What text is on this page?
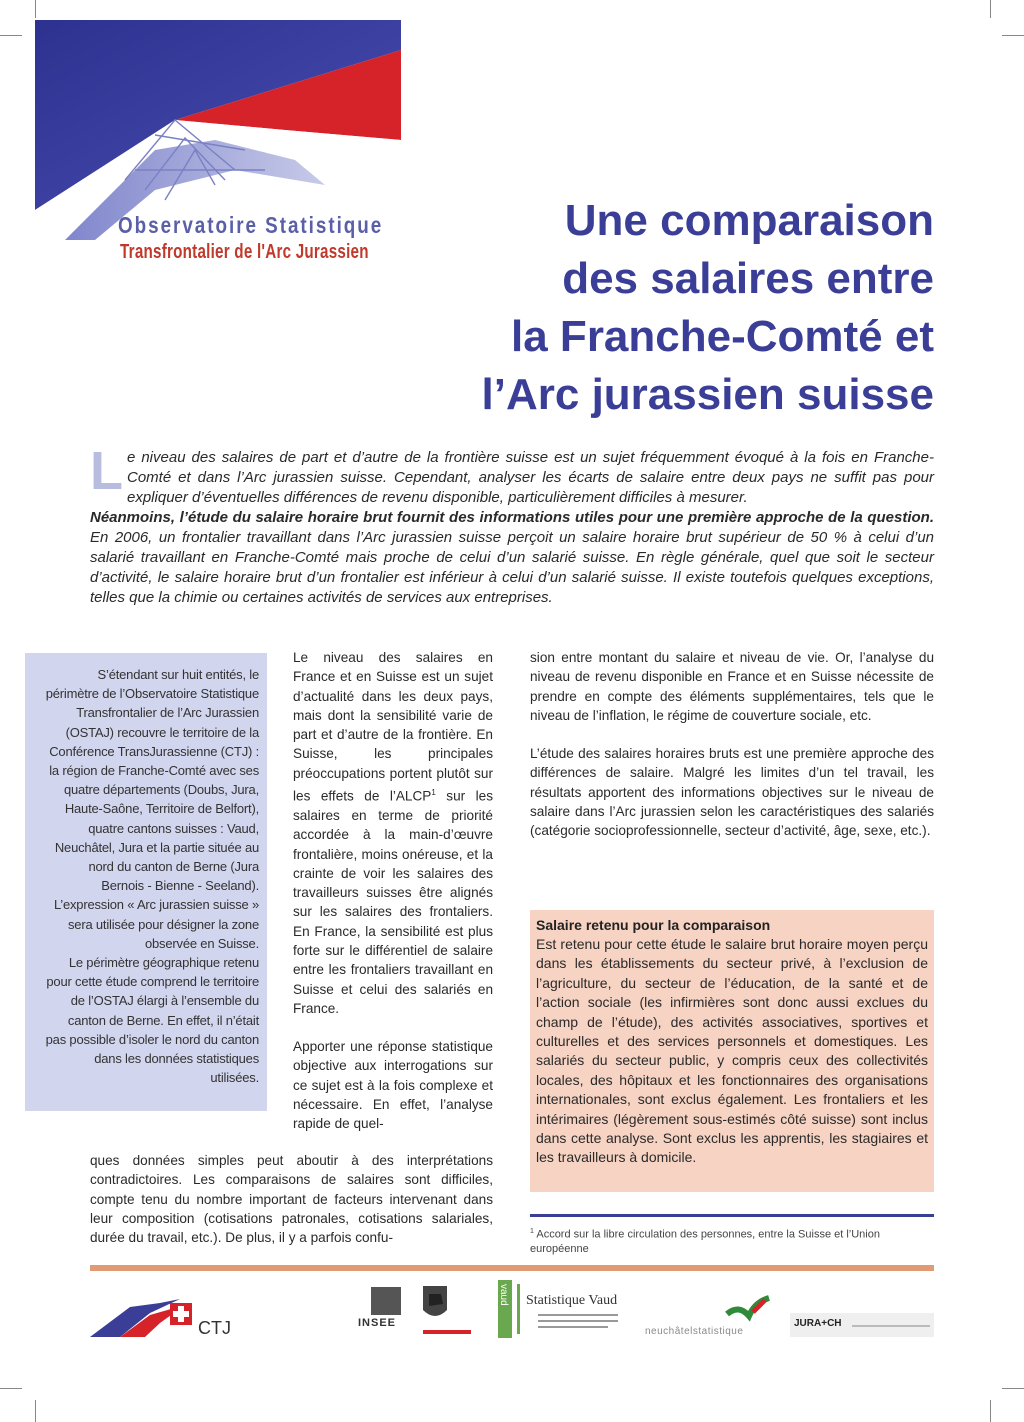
Observatoire Statistique
Transfrontalier de l'Arc Jurassien
Une comparaison
des salaires entre
la Franche-Comté et
l’Arc jurassien suisse

Le niveau des salaires de part et d’autre de la frontière suisse est un sujet fréquemment évoqué à la fois en Franche-Comté et dans l’Arc jurassien suisse. Cependant, analyser les écarts de salaire entre deux pays ne suffit pas pour expliquer d’éventuelles différences de revenu disponible, particulièrement difficiles à mesurer.
Néanmoins, l’étude du salaire horaire brut fournit des informations utiles pour une première approche de la question. En 2006, un frontalier travaillant dans l’Arc jurassien suisse perçoit un salaire horaire brut supérieur de 50 % à celui d’un salarié travaillant en Franche-Comté mais proche de celui d’un salarié suisse. En règle générale, quel que soit le secteur d’activité, le salaire horaire brut d’un frontalier est inférieur à celui d’un salarié suisse. Il existe toutefois quelques exceptions, telles que la chimie ou certaines activités de services aux entreprises.

S’étendant sur huit entités, le périmètre de l’Observatoire Statistique Transfrontalier de l’Arc Jurassien (OSTAJ) recouvre le territoire de la Conférence TransJurassienne (CTJ) : la région de Franche-Comté avec ses quatre départements (Doubs, Jura, Haute-Saône, Territoire de Belfort), quatre cantons suisses : Vaud, Neuchâtel, Jura et la partie située au nord du canton de Berne (Jura Bernois - Bienne - Seeland).

L’expression « Arc jurassien suisse » sera utilisée pour désigner la zone observée en Suisse.

Le périmètre géographique retenu pour cette étude comprend le territoire de l’OSTAJ élargi à l’ensemble du canton de Berne. En effet, il n’était pas possible d’isoler le nord du canton dans les données statistiques utilisées.

Le niveau des salaires en France et en Suisse est un sujet d’actualité dans les deux pays, mais dont la sensibilité varie de part et d’autre de la frontière. En Suisse, les principales préoccupations portent plutôt sur les effets de l’ALCP$^1$ sur les salaires en terme de priorité accordée à la main-d’œuvre frontalière, moins onéreuse, et la crainte de voir les salaires des travailleurs suisses être alignés sur les salaires des frontaliers. En France, la sensibilité est plus forte sur le différentiel de salaire entre les frontaliers travaillant en Suisse et celui des salariés en France.

Apporter une réponse statistique objective aux interrogations sur ce sujet est à la fois complexe et nécessaire. En effet, l’analyse rapide de quel-

ques données simples peut aboutir à des interprétations contradictoires. Les comparaisons de salaires sont difficiles, compte tenu du nombre important de facteurs intervenant dans leur composition (cotisations patronales, cotisations salariales, durée du travail, etc.). De plus, il y a parfois confu-

sion entre montant du salaire et niveau de vie. Or, l’analyse du niveau de revenu disponible en France et en Suisse nécessite de prendre en compte des éléments supplémentaires, tels que le niveau de l’inflation, le régime de couverture sociale, etc.

L’étude des salaires horaires bruts est une première approche des différences de salaire. Malgré les limites d’un tel travail, les résultats apportent des informations objectives sur le niveau de salaire dans l’Arc jurassien selon les caractéristiques des salariés (catégorie socioprofessionnelle, secteur d’activité, âge, sexe, etc.).

Salaire retenu pour la comparaison

Est retenu pour cette étude le salaire brut horaire moyen perçu dans les établissements du secteur privé, à l’exclusion de l’agriculture, du secteur de l’éducation, de la santé et de l’action sociale (les infirmières sont donc aussi exclues du champ de l’étude), des activités associatives, sportives et culturelles et des services personnels et domestiques. Les salariés du secteur public, y compris ceux des collectivités locales, des hôpitaux et les fonctionnaires des organisations internationales, sont exclus également. Les frontaliers et les intérimaires (légèrement sous-estimés côté suisse) sont inclus dans cette analyse. Sont exclus les apprentis, les stagiaires et les travailleurs à domicile.

$^1$ Accord sur la libre circulation des personnes, entre la Suisse et l’Union européenne
CTJ	INSEE
vaud Statistique Vaud
neuchâtelstatistique
JURA+CH
